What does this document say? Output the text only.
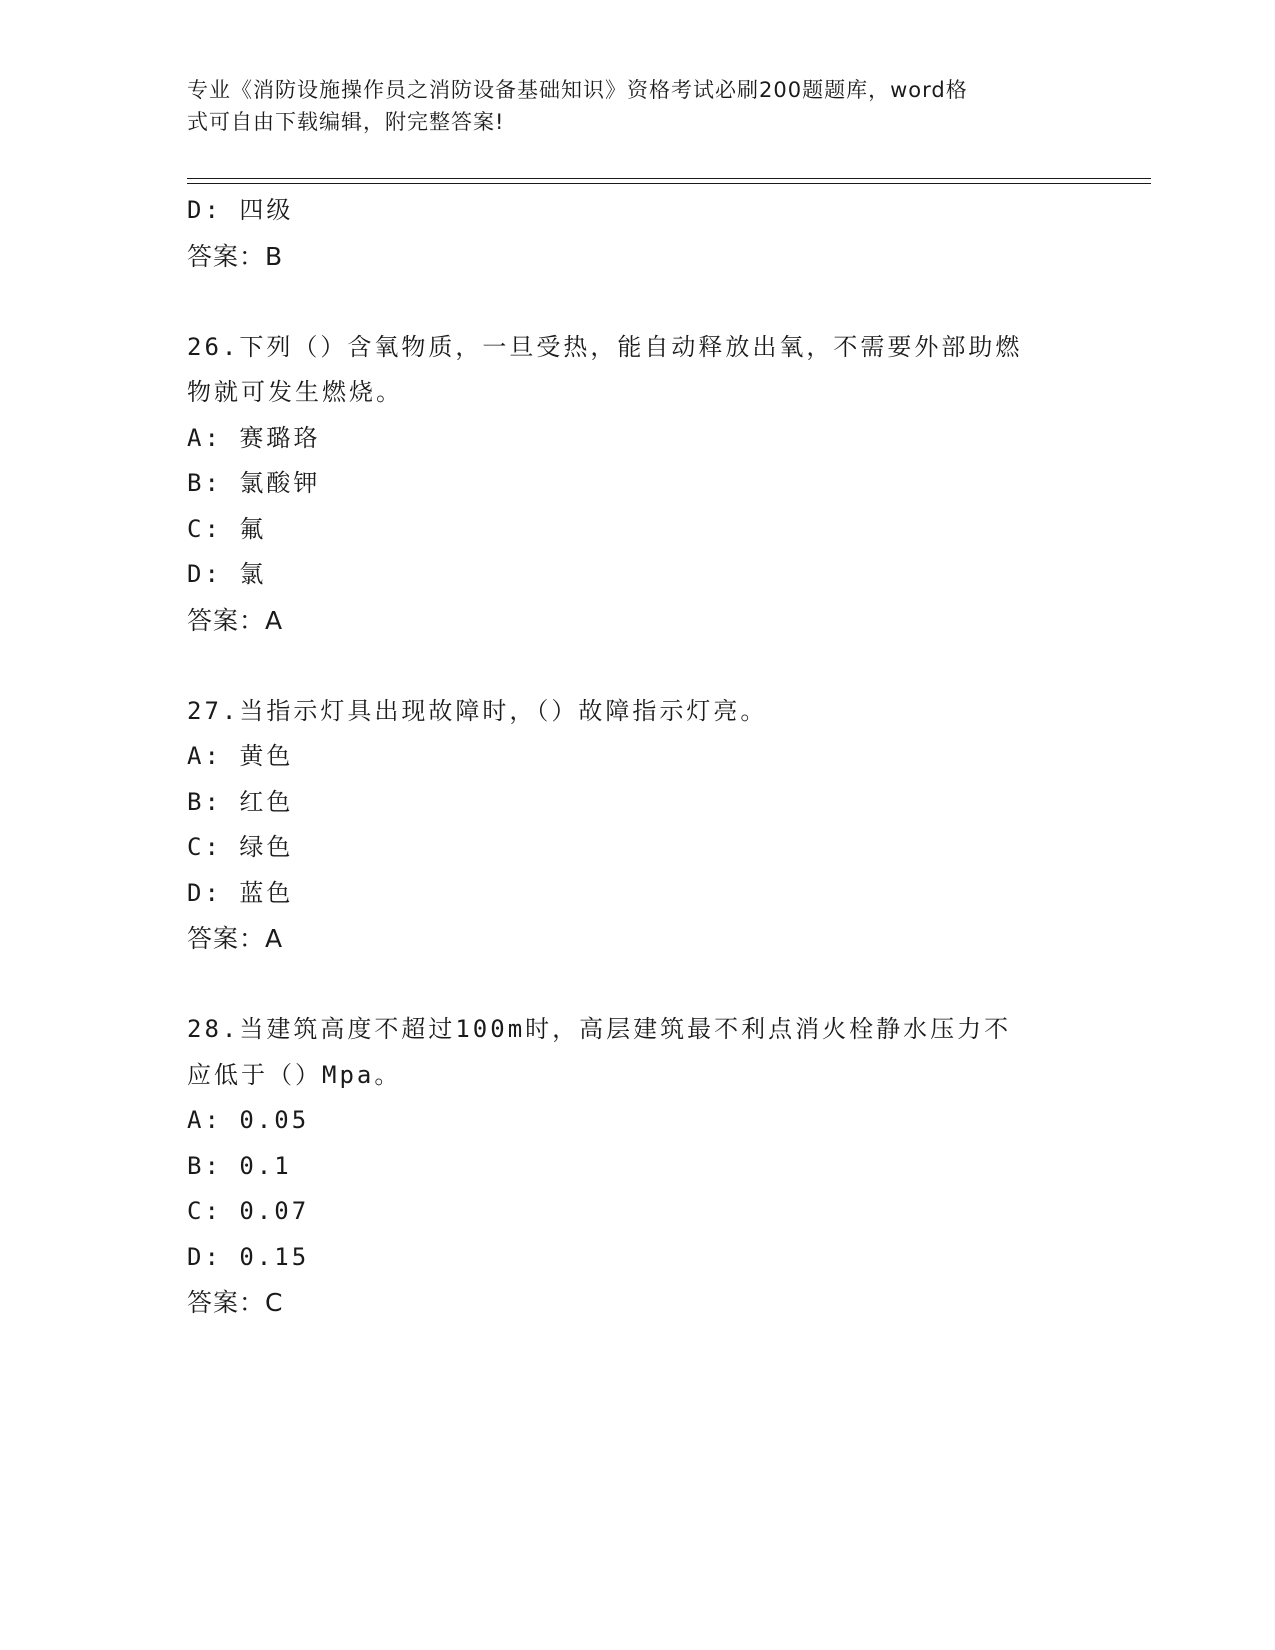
专业《消防设施操作员之消防设备基础知识》资格考试必刷200题题库，word格
式可自由下载编辑，附完整答案!
D: 四级
答案：B
26.下列（）含氧物质，一旦受热，能自动释放出氧，不需要外部助燃
物就可发生燃烧。
A: 赛璐珞
B: 氯酸钾
C: 氟
D: 氯
答案：A
27.当指示灯具出现故障时，（）故障指示灯亮。
A: 黄色
B: 红色
C: 绿色
D: 蓝色
答案：A
28.当建筑高度不超过100m时，高层建筑最不利点消火栓静水压力不
应低于（）Mpa。
A: 0.05
B: 0.1
C: 0.07
D: 0.15
答案：C
